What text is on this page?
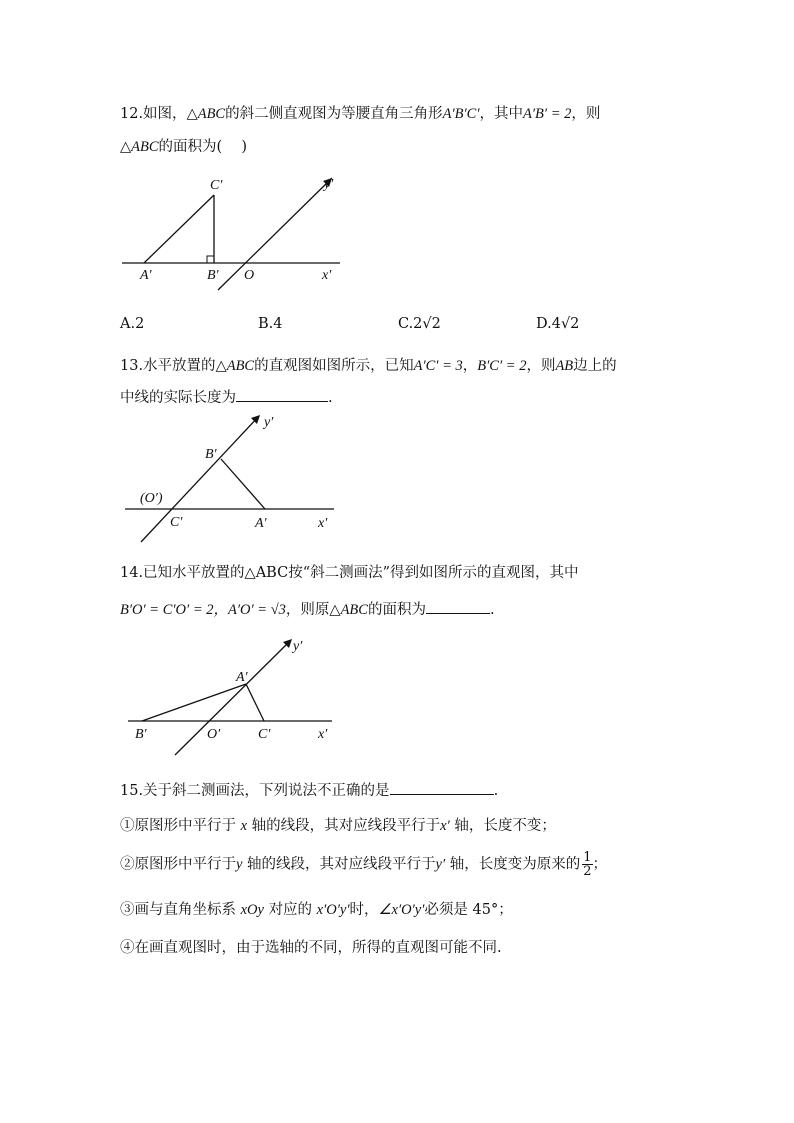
12.如图，△ABC的斜二侧直观图为等腰直角三角形A′B′C′，其中A′B′ = 2，则
△ABC的面积为(　 )
C′
A′	B′ O	x′
y′
y′
B′
(O′)
C′	A′	x′
y′
A′
B′	O′	C′	x′
A.2	B.4	C.2√2	D.4√2
13.水平放置的△ABC的直观图如图所示，已知A′C′ = 3，B′C′ = 2，则AB边上的
中线的实际长度为	.
14.已知水平放置的△ABC按“斜二测画法”得到如图所示的直观图，其中
B′O′ = C′O′ = 2，A′O′ = √3，则原△ABC的面积为	.
15.关于斜二测画法，下列说法不正确的是	.
①原图形中平行于 x 轴的线段，其对应线段平行于x′ 轴，长度不变；
②原图形中平行于y 轴的线段，其对应线段平行于y′ 轴，长度变为原来的 $\frac{1}{2}$ ；
③画与直角坐标系 xOy 对应的 x′O′y′时，∠x′O′y′必须是 45°；
④在画直观图时，由于选轴的不同，所得的直观图可能不同.
